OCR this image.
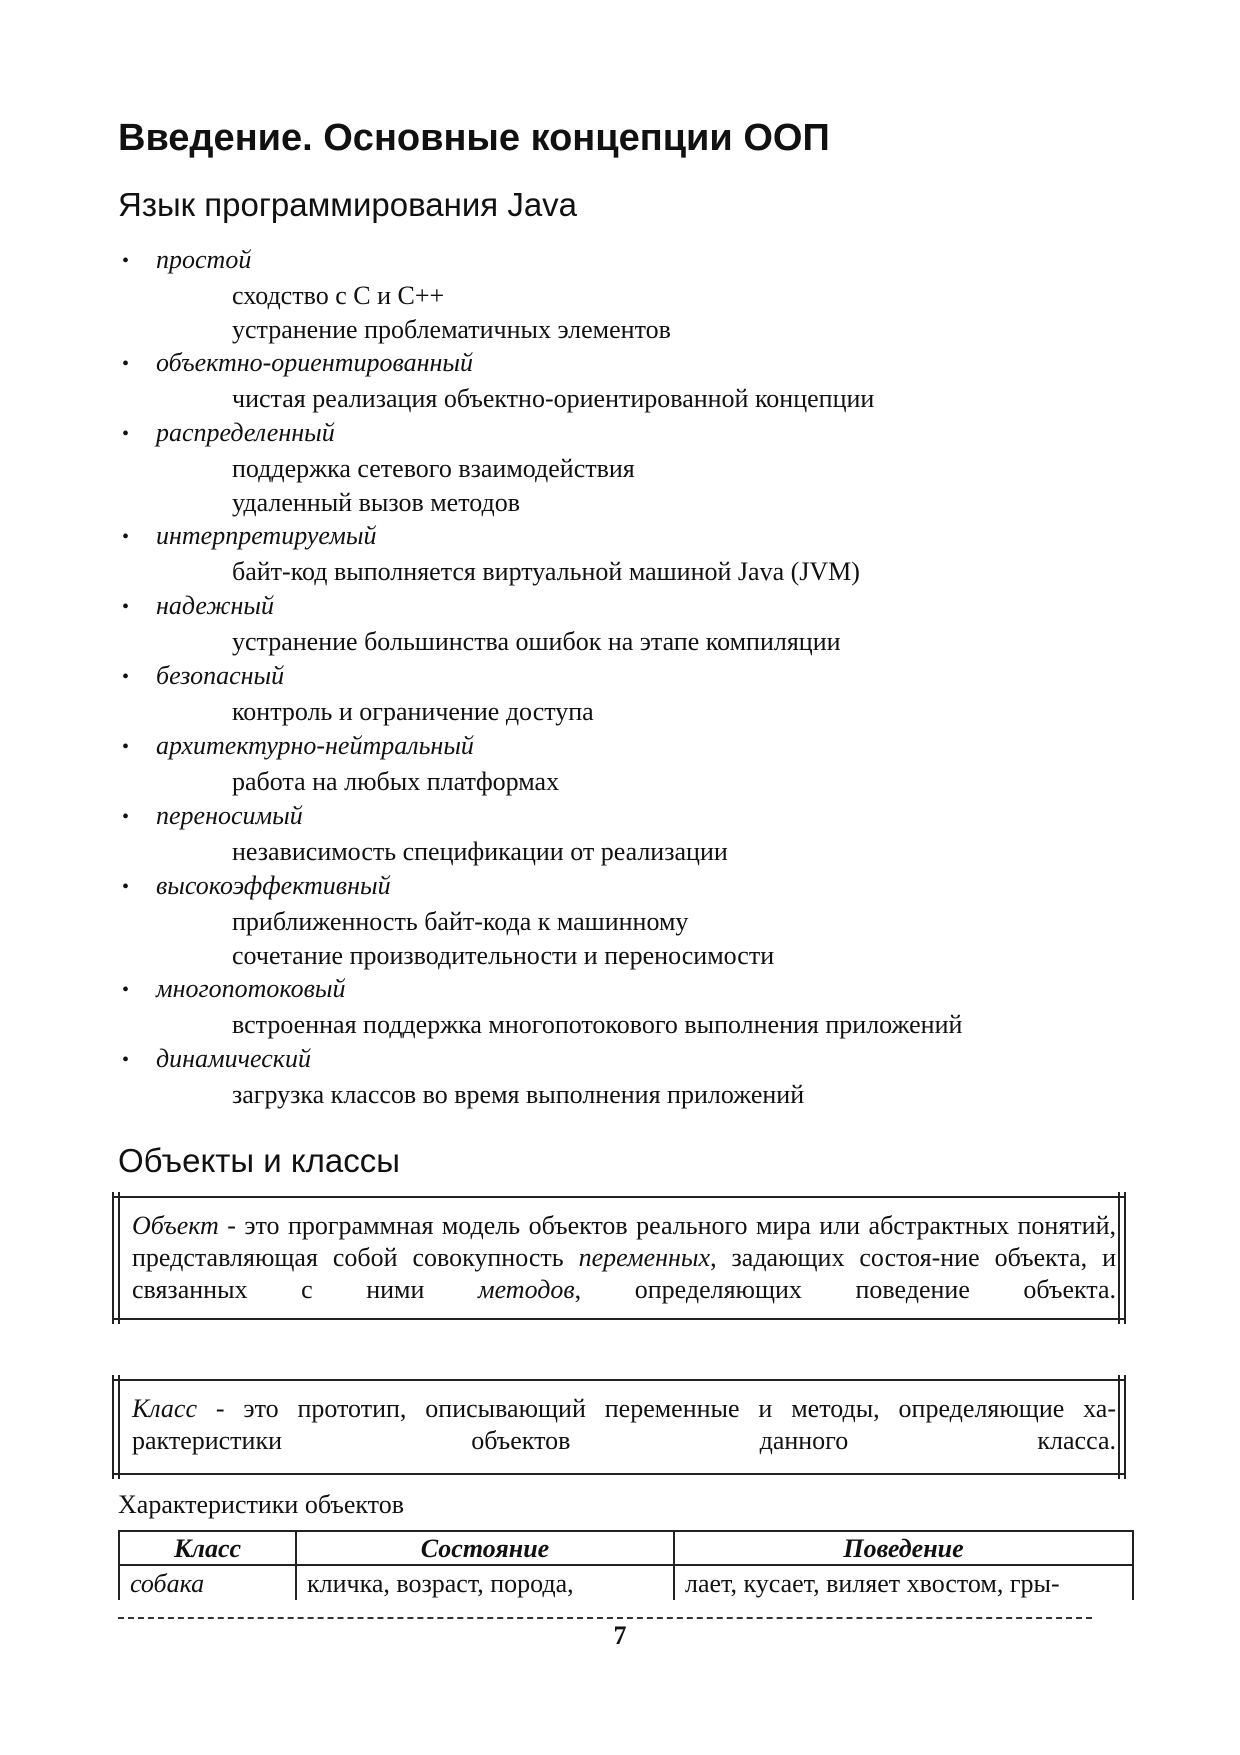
Введение. Основные концепции ООП
Язык программирования Java
• простой
сходство с C и C++
устранение проблематичных элементов
• объектно-ориентированный
чистая реализация объектно-ориентированной концепции
• распределенный
поддержка сетевого взаимодействия
удаленный вызов методов
• интерпретируемый
байт-код выполняется виртуальной машиной Java (JVM)
• надежный
устранение большинства ошибок на этапе компиляции
• безопасный
контроль и ограничение доступа
• архитектурно-нейтральный
работа на любых платформах
• переносимый
независимость спецификации от реализации
• высокоэффективный
приближенность байт-кода к машинному
сочетание производительности и переносимости
• многопотоковый
встроенная поддержка многопотокового выполнения приложений
• динамический
загрузка классов во время выполнения приложений
Объекты и классы
Объект - это программная модель объектов реального мира или абстрактных понятий, представляющая собой совокупность переменных, задающих состоя-ние объекта, и связанных с ними методов, определяющих поведение объекта.
Класс - это прототип, описывающий переменные и методы, определяющие ха-рактеристики объектов данного класса.
Характеристики объектов
Класс	Состояние	Поведение
собака	кличка, возраст, порода,	лает, кусает, виляет хвостом, гры-
7
